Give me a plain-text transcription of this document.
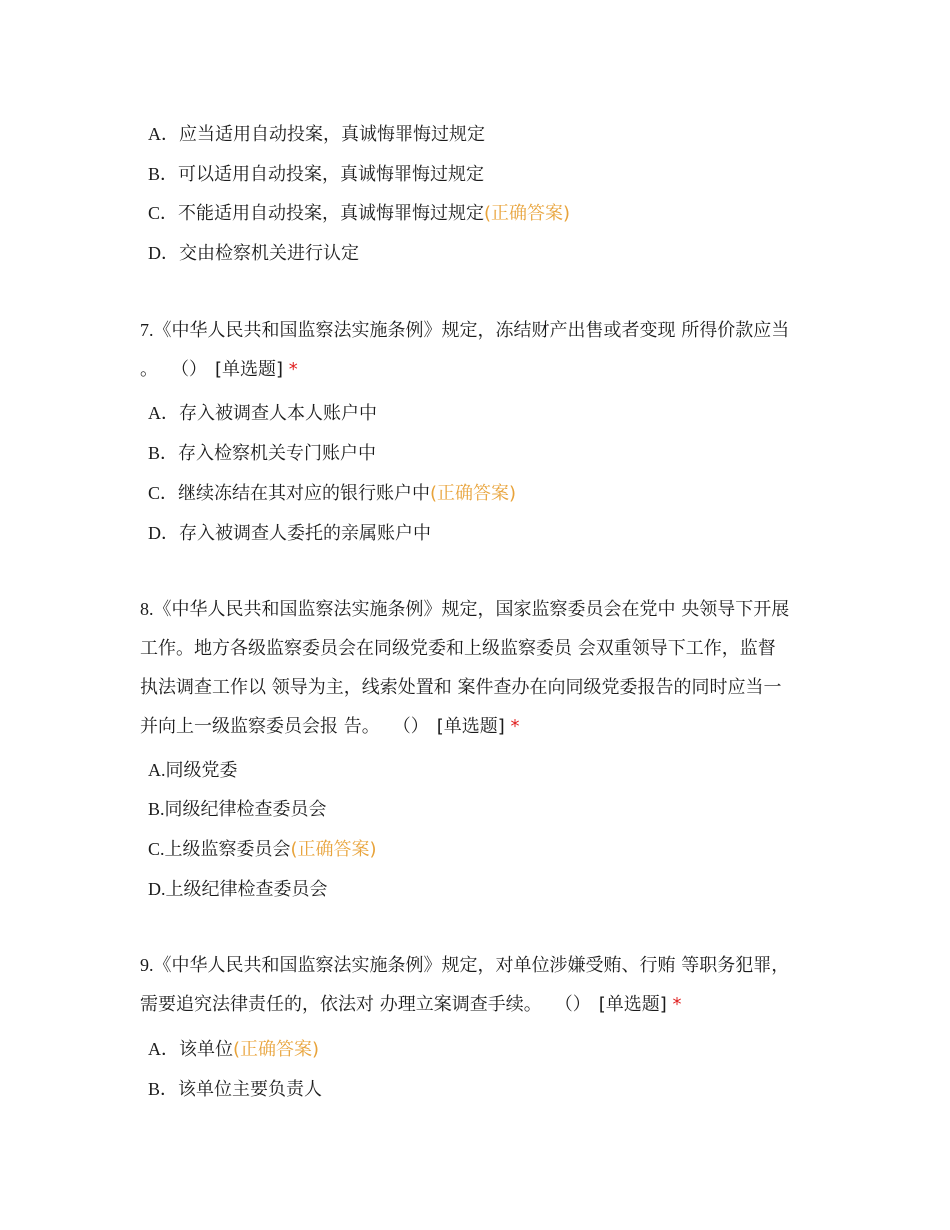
A．应当适用自动投案，真诚悔罪悔过规定
B．可以适用自动投案，真诚悔罪悔过规定
C．不能适用自动投案，真诚悔罪悔过规定(正确答案)
D．交由检察机关进行认定
7.《中华人民共和国监察法实施条例》规定，冻结财产出售或者变现 所得价款应当
。 （） [单选题] *
A．存入被调查人本人账户中
B．存入检察机关专门账户中
C．继续冻结在其对应的银行账户中(正确答案)
D．存入被调查人委托的亲属账户中
8.《中华人民共和国监察法实施条例》规定，国家监察委员会在党中 央领导下开展
工作。地方各级监察委员会在同级党委和上级监察委员 会双重领导下工作，监督
执法调查工作以 领导为主，线索处置和 案件查办在向同级党委报告的同时应当一
并向上一级监察委员会报 告。 （） [单选题] *
A.同级党委
B.同级纪律检查委员会
C.上级监察委员会(正确答案)
D.上级纪律检查委员会
9.《中华人民共和国监察法实施条例》规定，对单位涉嫌受贿、行贿 等职务犯罪，
需要追究法律责任的，依法对 办理立案调查手续。 （） [单选题] *
A．该单位(正确答案)
B．该单位主要负责人
